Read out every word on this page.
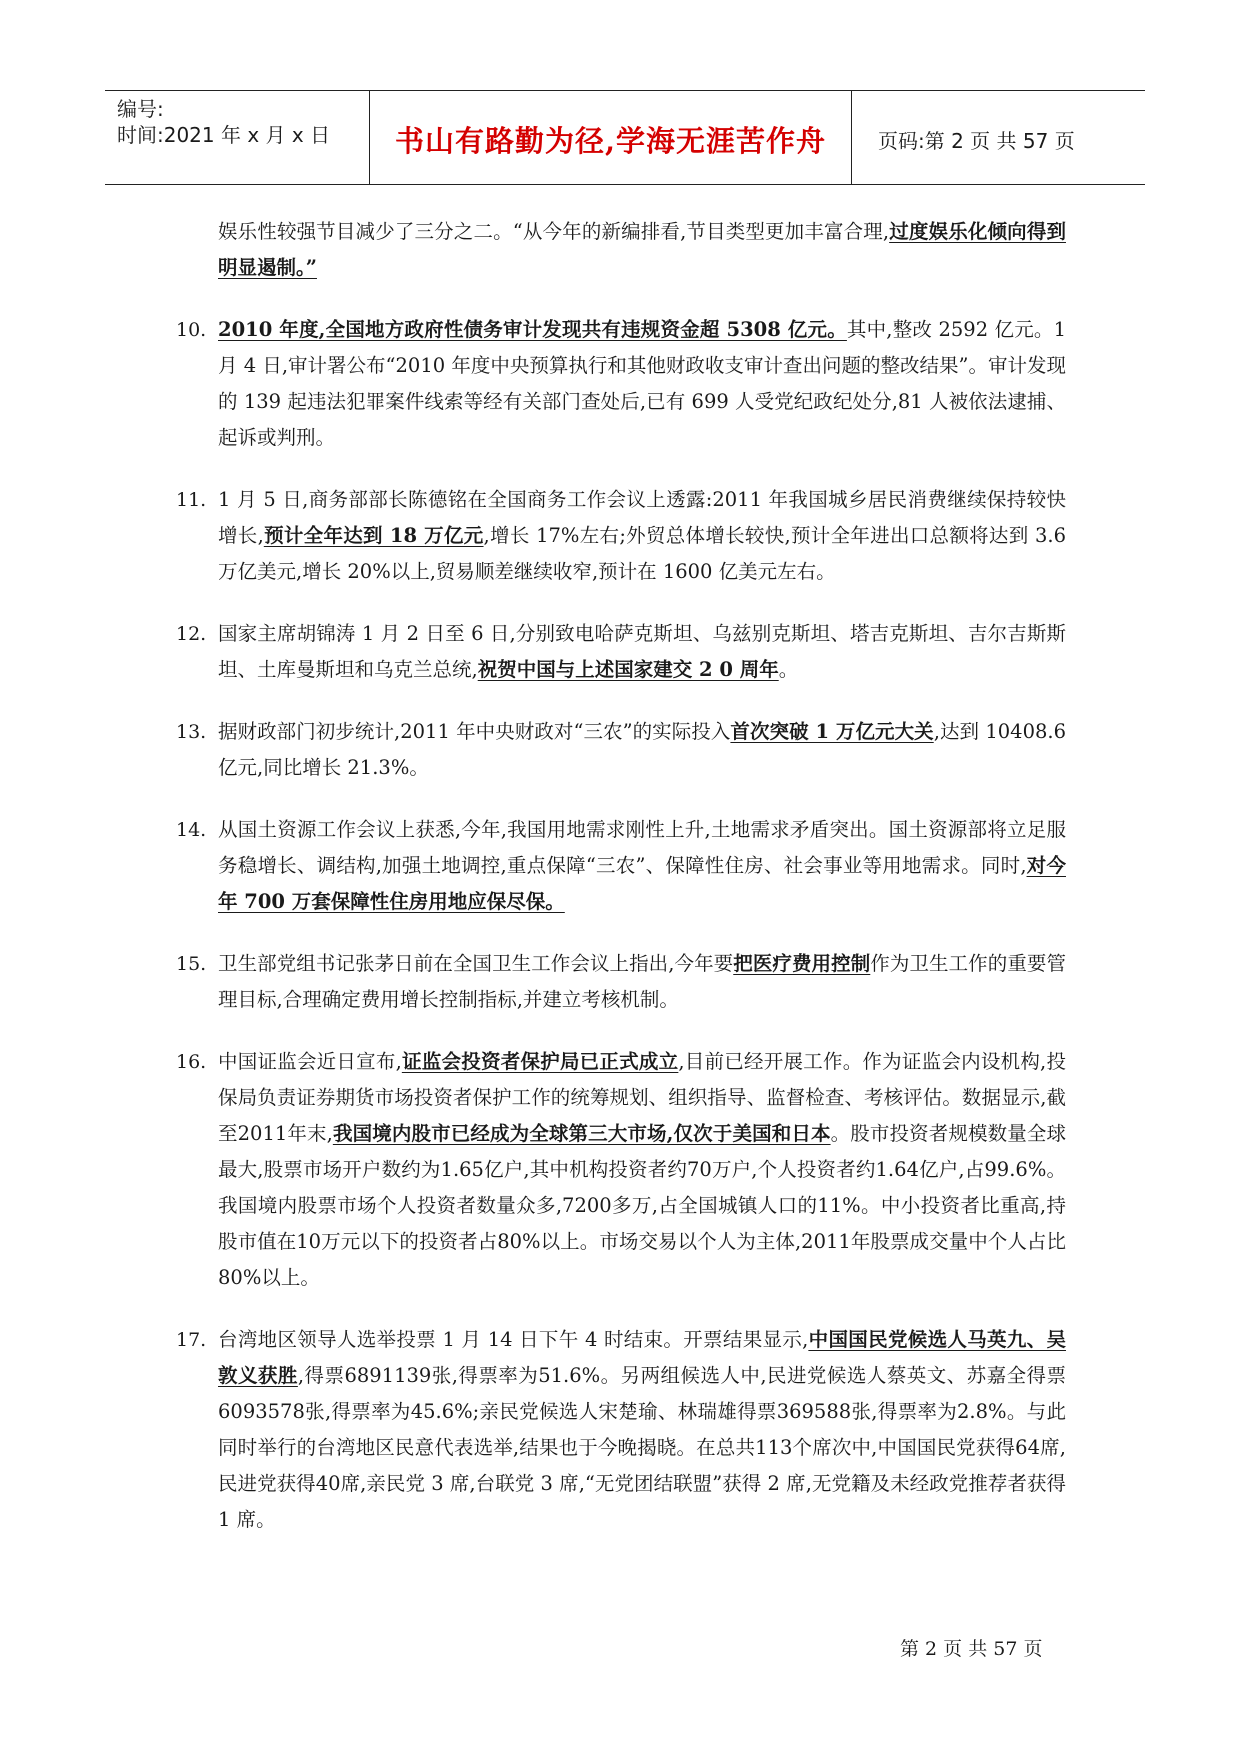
编号:
时间:2021 年 x 月 x 日	书山有路勤为径,学海无涯苦作舟	页码:第 2 页 共 57 页

娱乐性较强节目减少了三分之二。“从今年的新编排看,节目类型更加丰富合理,过度娱乐化倾向得到明显遏制。”

10. 2010 年度,全国地方政府性债务审计发现共有违规资金超 5308 亿元。其中,整改 2592 亿元。1 月 4 日,审计署公布“2010 年度中央预算执行和其他财政收支审计查出问题的整改结果”。审计发现的 139 起违法犯罪案件线索等经有关部门查处后,已有 699 人受党纪政纪处分,81 人被依法逮捕、起诉或判刑。

11. 1 月 5 日,商务部部长陈德铭在全国商务工作会议上透露:2011 年我国城乡居民消费继续保持较快增长,预计全年达到 18 万亿元,增长 17%左右;外贸总体增长较快,预计全年进出口总额将达到 3.6 万亿美元,增长 20%以上,贸易顺差继续收窄,预计在 1600 亿美元左右。

12. 国家主席胡锦涛 1 月 2 日至 6 日,分别致电哈萨克斯坦、乌兹别克斯坦、塔吉克斯坦、吉尔吉斯斯坦、土库曼斯坦和乌克兰总统,祝贺中国与上述国家建交 2 0 周年。

13. 据财政部门初步统计,2011 年中央财政对“三农”的实际投入首次突破 1 万亿元大关,达到 10408.6 亿元,同比增长 21.3%。

14. 从国土资源工作会议上获悉,今年,我国用地需求刚性上升,土地需求矛盾突出。国土资源部将立足服务稳增长、调结构,加强土地调控,重点保障“三农”、保障性住房、社会事业等用地需求。同时,对今年 700 万套保障性住房用地应保尽保。

15. 卫生部党组书记张茅日前在全国卫生工作会议上指出,今年要把医疗费用控制作为卫生工作的重要管理目标,合理确定费用增长控制指标,并建立考核机制。

16. 中国证监会近日宣布,证监会投资者保护局已正式成立,目前已经开展工作。作为证监会内设机构,投保局负责证券期货市场投资者保护工作的统筹规划、组织指导、监督检查、考核评估。数据显示,截至2011年末,我国境内股市已经成为全球第三大市场,仅次于美国和日本。股市投资者规模数量全球最大,股票市场开户数约为1.65亿户,其中机构投资者约70万户,个人投资者约1.64亿户,占99.6%。我国境内股票市场个人投资者数量众多,7200多万,占全国城镇人口的11%。中小投资者比重高,持股市值在10万元以下的投资者占80%以上。市场交易以个人为主体,2011年股票成交量中个人占比80%以上。

17. 台湾地区领导人选举投票 1 月 14 日下午 4 时结束。开票结果显示,中国国民党候选人马英九、吴敦义获胜,得票6891139张,得票率为51.6%。另两组候选人中,民进党候选人蔡英文、苏嘉全得票6093578张,得票率为45.6%;亲民党候选人宋楚瑜、林瑞雄得票369588张,得票率为2.8%。与此同时举行的台湾地区民意代表选举,结果也于今晚揭晓。在总共113个席次中,中国国民党获得64席,民进党获得40席,亲民党 3 席,台联党 3 席,“无党团结联盟”获得 2 席,无党籍及未经政党推荐者获得 1 席。

第 2 页 共 57 页
